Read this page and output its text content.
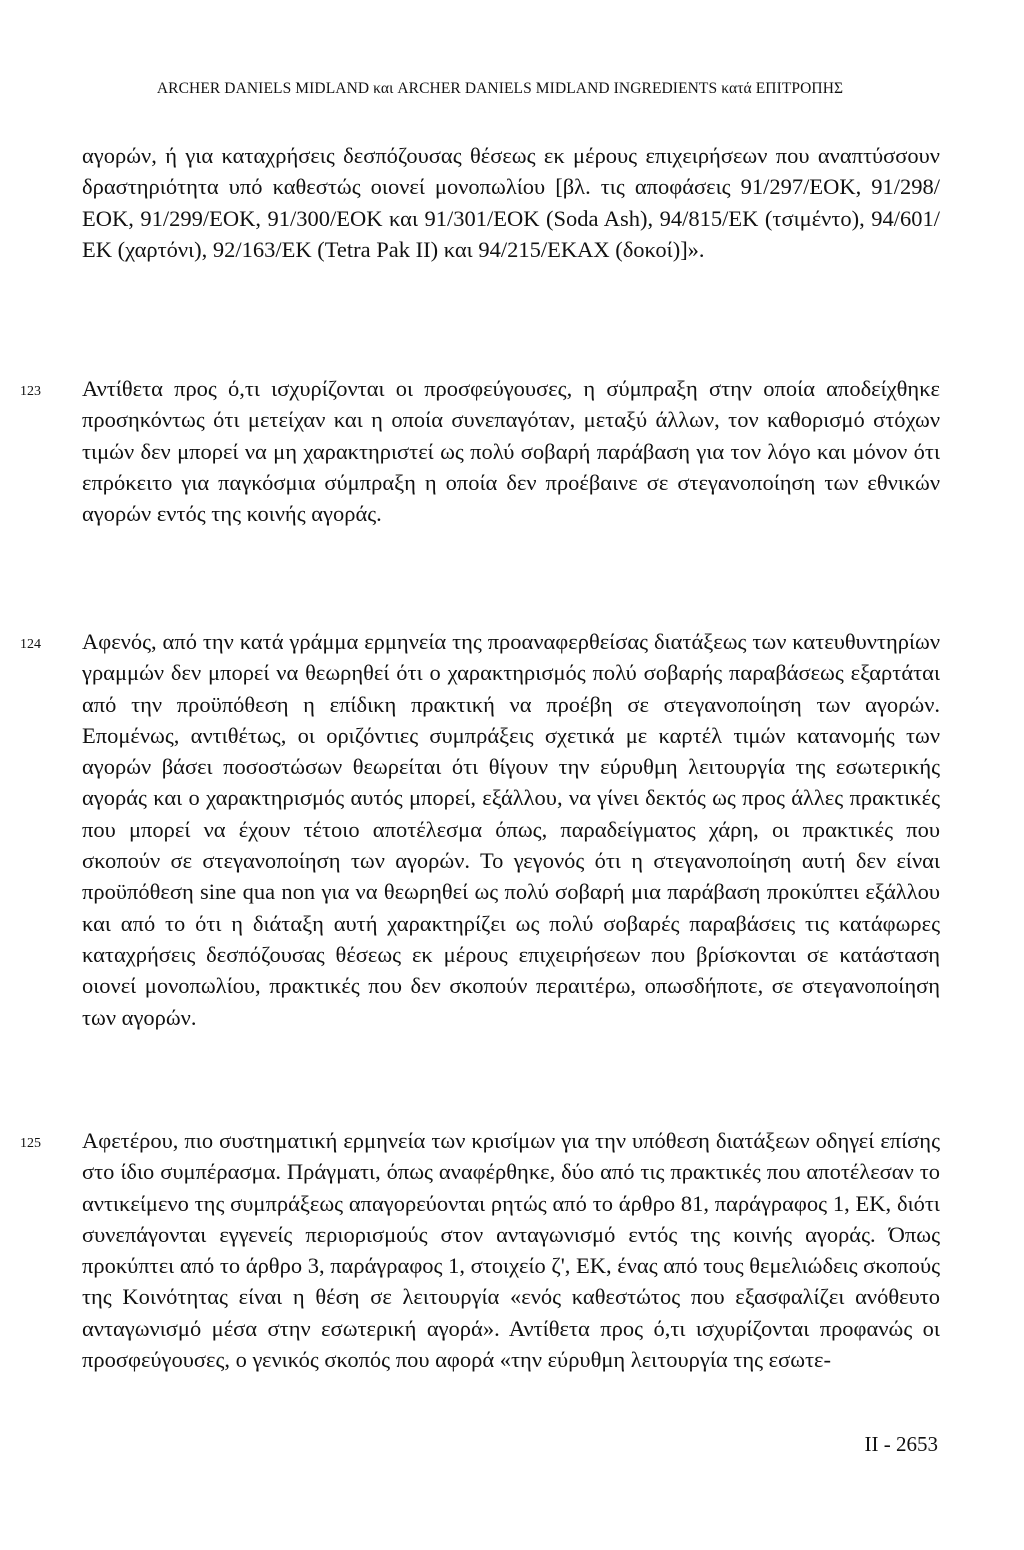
ARCHER DANIELS MIDLAND και ARCHER DANIELS MIDLAND INGREDIENTS κατά ΕΠΙΤΡΟΠΗΣ

αγορών, ή για καταχρήσεις δεσπόζουσας θέσεως εκ μέρους επιχειρήσεων που αναπτύσσουν δραστηριότητα υπό καθεστώς οιονεί μονοπωλίου [βλ. τις αποφάσεις 91/297/ΕΟΚ, 91/298/ΕΟΚ, 91/299/ΕΟΚ, 91/300/ΕΟΚ και 91/301/ΕΟΚ (Soda Ash), 94/815/ΕΚ (τσιμέντο), 94/601/ΕΚ (χαρτόνι), 92/163/ΕΚ (Tetra Pak II) και 94/215/ΕΚΑΧ (δοκοί)]».

123 Αντίθετα προς ό,τι ισχυρίζονται οι προσφεύγουσες, η σύμπραξη στην οποία αποδείχθηκε προσηκόντως ότι μετείχαν και η οποία συνεπαγόταν, μεταξύ άλλων, τον καθορισμό στόχων τιμών δεν μπορεί να μη χαρακτηριστεί ως πολύ σοβαρή παράβαση για τον λόγο και μόνον ότι επρόκειτο για παγκόσμια σύμπραξη η οποία δεν προέβαινε σε στεγανοποίηση των εθνικών αγορών εντός της κοινής αγοράς.

124 Αφενός, από την κατά γράμμα ερμηνεία της προαναφερθείσας διατάξεως των κατευθυντηρίων γραμμών δεν μπορεί να θεωρηθεί ότι ο χαρακτηρισμός πολύ σοβαρής παραβάσεως εξαρτάται από την προϋπόθεση η επίδικη πρακτική να προέβη σε στεγανοποίηση των αγορών. Επομένως, αντιθέτως, οι οριζόντιες συμπράξεις σχετικά με καρτέλ τιμών κατανομής των αγορών βάσει ποσοστώσων θεωρείται ότι θίγουν την εύρυθμη λειτουργία της εσωτερικής αγοράς και ο χαρακτηρισμός αυτός μπορεί, εξάλλου, να γίνει δεκτός ως προς άλλες πρακτικές που μπορεί να έχουν τέτοιο αποτέλεσμα όπως, παραδείγματος χάρη, οι πρακτικές που σκοπούν σε στεγανοποίηση των αγορών. Το γεγονός ότι η στεγανοποίηση αυτή δεν είναι προϋπόθεση sine qua non για να θεωρηθεί ως πολύ σοβαρή μια παράβαση προκύπτει εξάλλου και από το ότι η διάταξη αυτή χαρακτηρίζει ως πολύ σοβαρές παραβάσεις τις κατάφωρες καταχρήσεις δεσπόζουσας θέσεως εκ μέρους επιχειρήσεων που βρίσκονται σε κατάσταση οιονεί μονοπωλίου, πρακτικές που δεν σκοπούν περαιτέρω, οπωσδήποτε, σε στεγανοποίηση των αγορών.

125 Αφετέρου, πιο συστηματική ερμηνεία των κρισίμων για την υπόθεση διατάξεων οδηγεί επίσης στο ίδιο συμπέρασμα. Πράγματι, όπως αναφέρθηκε, δύο από τις πρακτικές που αποτέλεσαν το αντικείμενο της συμπράξεως απαγορεύονται ρητώς από το άρθρο 81, παράγραφος 1, ΕΚ, διότι συνεπάγονται εγγενείς περιορισμούς στον ανταγωνισμό εντός της κοινής αγοράς. Όπως προκύπτει από το άρθρο 3, παράγραφος 1, στοιχείο ζ', ΕΚ, ένας από τους θεμελιώδεις σκοπούς της Κοινότητας είναι η θέση σε λειτουργία «ενός καθεστώτος που εξασφαλίζει ανόθευτο ανταγωνισμό μέσα στην εσωτερική αγορά». Αντίθετα προς ό,τι ισχυρίζονται προφανώς οι προσφεύγουσες, ο γενικός σκοπός που αφορά «την εύρυθμη λειτουργία της εσωτε-

II - 2653
